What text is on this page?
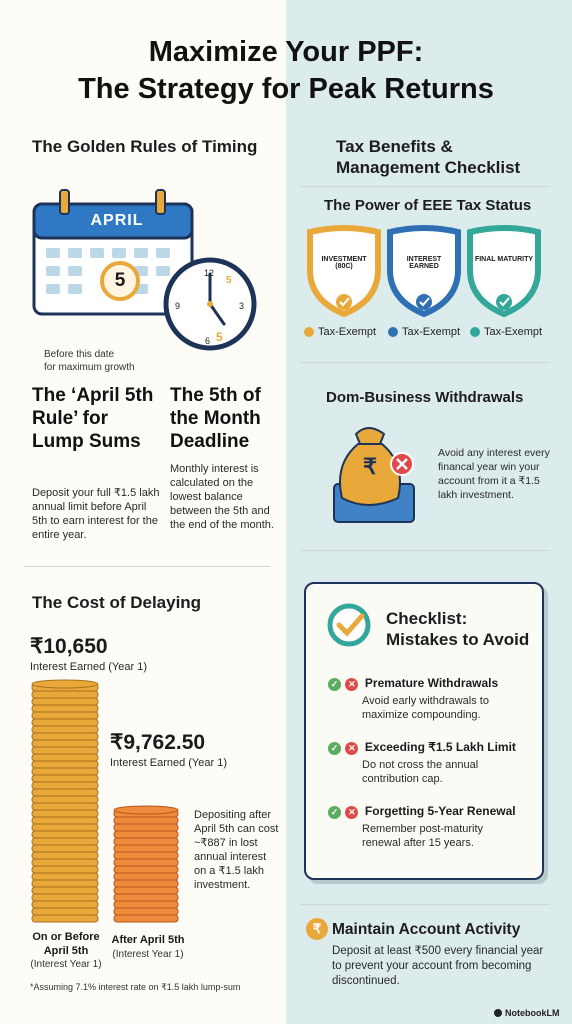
Maximize Your PPF:
The Strategy for Peak Returns
The Golden Rules of Timing
12
9	3
6
5
APRIL
5
5
Before this date
for maximum growth
The ‘April 5th Rule’ for Lump Sums
Deposit your full ₹1.5 lakh annual limit before April 5th to earn interest for the entire year.
The 5th of the Month Deadline
Monthly interest is calculated on the lowest balance between the 5th and the end of the month.
The Cost of Delaying
₹10,650
Interest Earned (Year 1)
₹9,762.50
Interest Earned (Year 1)
Depositing after April 5th can cost ~₹887 in lost annual interest on a ₹1.5 lakh investment.
On or Before April 5th
(Interest Year 1)
After April 5th
(Interest Year 1)
*Assuming 7.1% interest rate on ₹1.5 lakh lump-sum
Tax Benefits & Management Checklist
The Power of EEE Tax Status
INVESTMENT (80C)
INTEREST EARNED
FINAL MATURITY
Tax-Exempt Tax-Exempt Tax-Exempt
Dom-Business Withdrawals
₹
Avoid any interest every financal year win your account from it a ₹1.5 lakh investment.
Checklist: Mistakes to Avoid
✓ ✕ Premature Withdrawals
Avoid early withdrawals to maximize compounding.
✓ ✕ Exceeding ₹1.5 Lakh Limit
Do not cross the annual contribution cap.
✓ ✕ Forgetting 5-Year Renewal
Remember post-maturity renewal after 15 years.
₹ Maintain Account Activity
Deposit at least ₹500 every financial year to prevent your account from becoming discontinued.
NotebookLM
